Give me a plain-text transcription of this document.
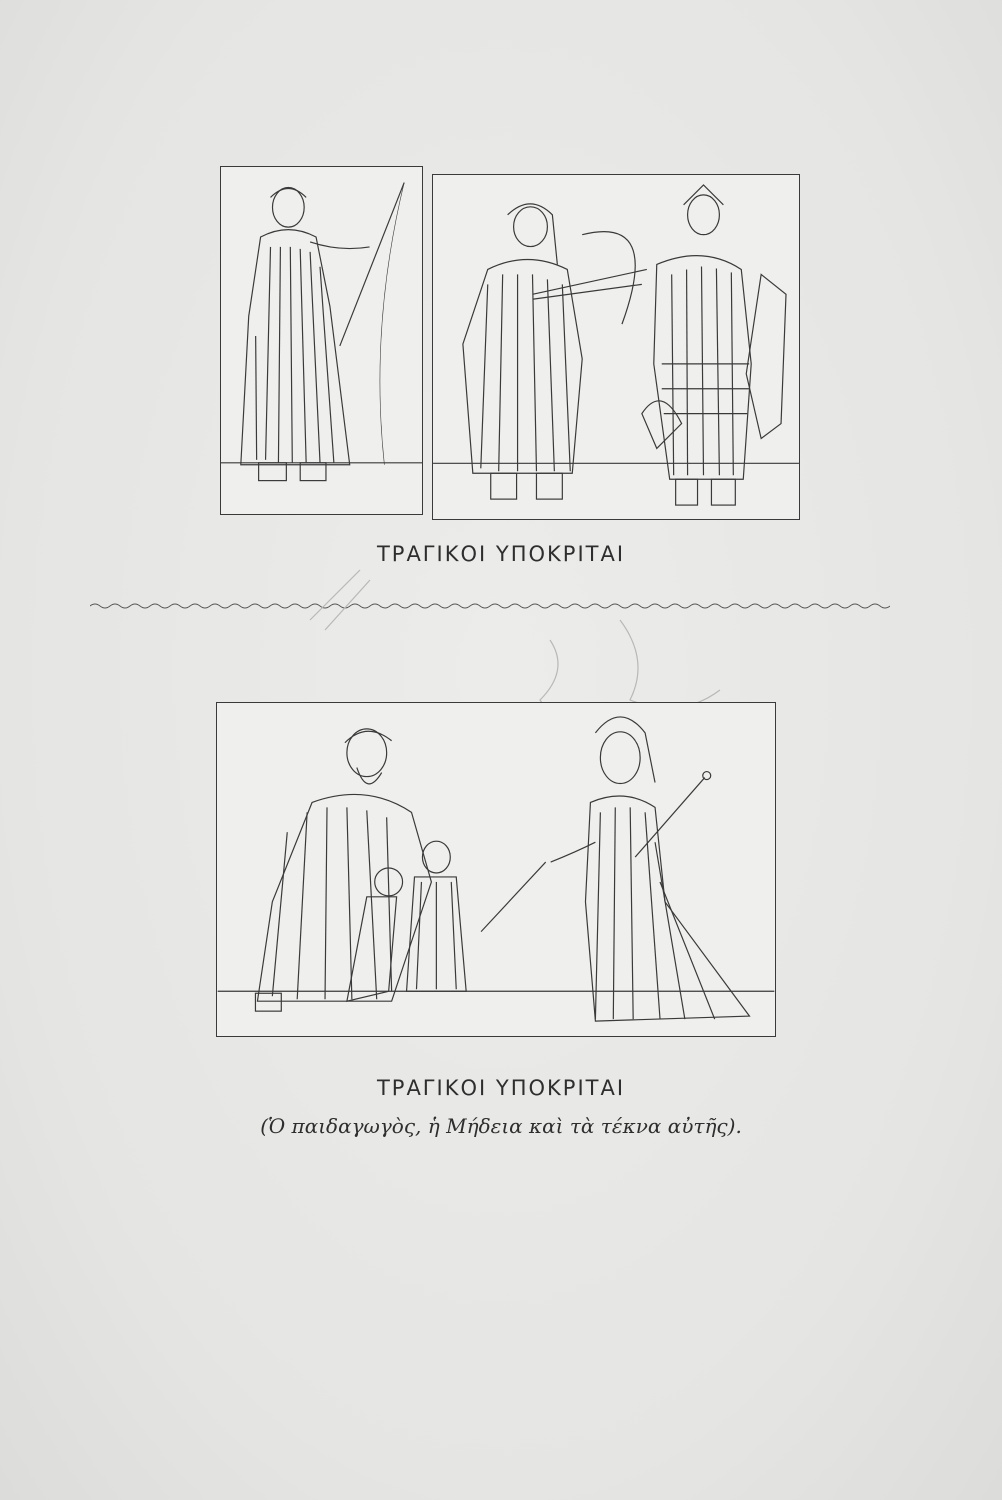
ΤΡΑΓΙΚΟΙ ΥΠΟΚΡΙΤΑΙ
ΤΡΑΓΙΚΟΙ ΥΠΟΚΡΙΤΑΙ
(Ὁ παιδαγωγὸς, ἡ Μήδεια καὶ τὰ τέκνα αὐτῆς).
